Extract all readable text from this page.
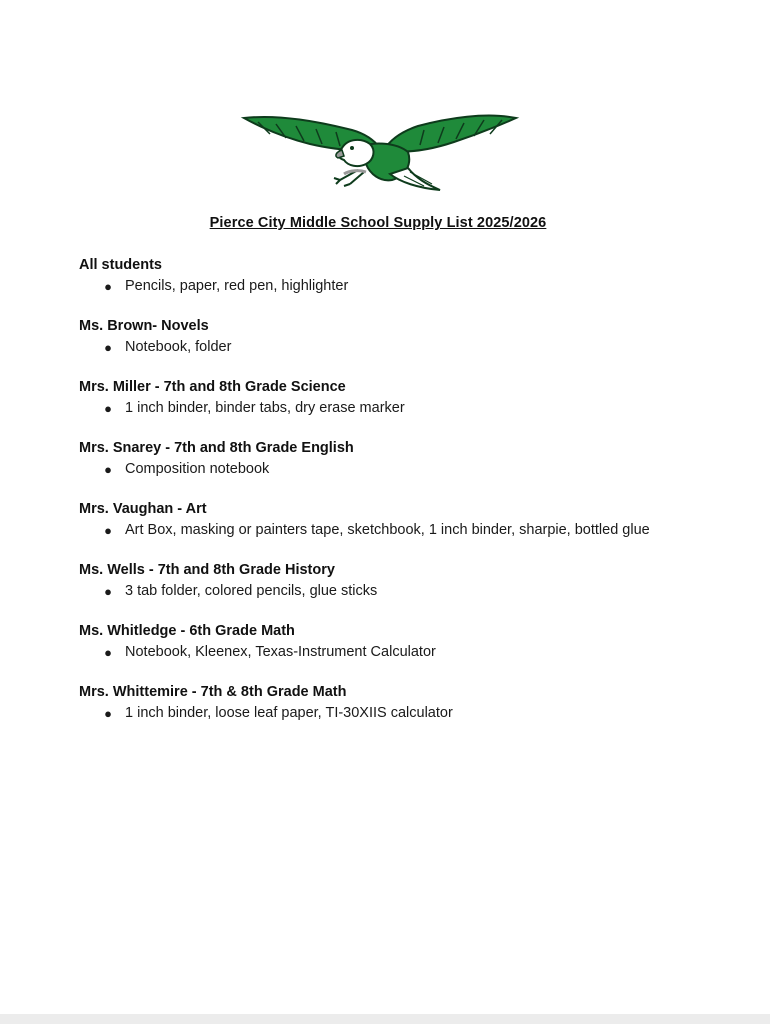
Pierce City Middle School Supply List 2025/2026
All students
● Pencils, paper, red pen, highlighter
Ms. Brown- Novels
● Notebook, folder
Mrs. Miller - 7th and 8th Grade Science
● 1 inch binder, binder tabs, dry erase marker
Mrs. Snarey - 7th and 8th Grade English
● Composition notebook
Mrs. Vaughan - Art
● Art Box, masking or painters tape, sketchbook, 1 inch binder, sharpie, bottled glue
Ms. Wells - 7th and 8th Grade History
● 3 tab folder, colored pencils, glue sticks
Ms. Whitledge - 6th Grade Math
● Notebook, Kleenex, Texas-Instrument Calculator
Mrs. Whittemire - 7th & 8th Grade Math
● 1 inch binder, loose leaf paper, TI-30XIIS calculator
